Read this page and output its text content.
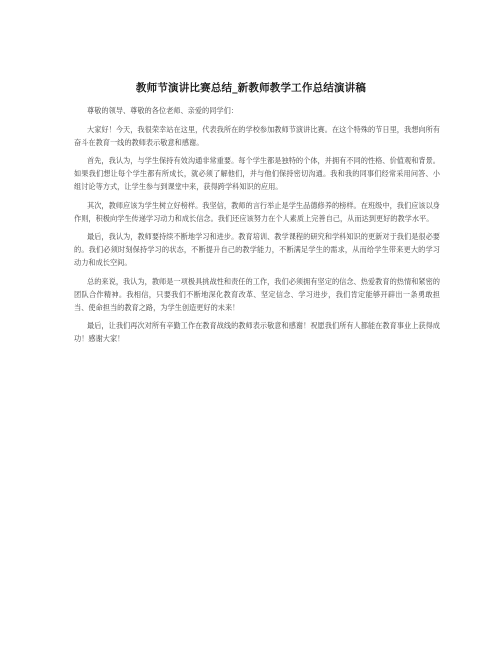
教师节演讲比赛总结_新教师教学工作总结演讲稿

尊敬的领导、尊敬的各位老师、亲爱的同学们：

大家好！今天，我很荣幸站在这里，代表我所在的学校参加教师节演讲比赛。在这个特殊的节日里，我想向所有奋斗在教育一线的教师表示敬意和感谢。

首先，我认为，与学生保持有效沟通非常重要。每个学生都是独特的个体，并拥有不同的性格、价值观和背景。如果我们想让每个学生都有所成长，就必须了解他们，并与他们保持密切沟通。我和我的同事们经常采用问答、小组讨论等方式，让学生参与到课堂中来，获得跨学科知识的应用。

其次，教师应该为学生树立好榜样。我坚信，教师的言行举止是学生品德修养的榜样。在班级中，我们应该以身作则，积极向学生传递学习动力和成长信念。我们还应该努力在个人素质上完善自己，从而达到更好的教学水平。

最后，我认为，教师要持续不断地学习和进步。教育培训、教学课程的研究和学科知识的更新对于我们是很必要的。我们必须时刻保持学习的状态，不断提升自己的教学能力，不断满足学生的需求，从而给学生带来更大的学习动力和成长空间。

总的来说，我认为，教师是一项极具挑战性和责任的工作，我们必须拥有坚定的信念、热爱教育的热情和紧密的团队合作精神。我相信，只要我们不断地深化教育改革、坚定信念、学习进步，我们肯定能够开辟出一条勇敢担当、使命担当的教育之路，为学生创造更好的未来！

最后，让我们再次对所有辛勤工作在教育战线的教师表示敬意和感谢！祝愿我们所有人都能在教育事业上获得成功！感谢大家！
